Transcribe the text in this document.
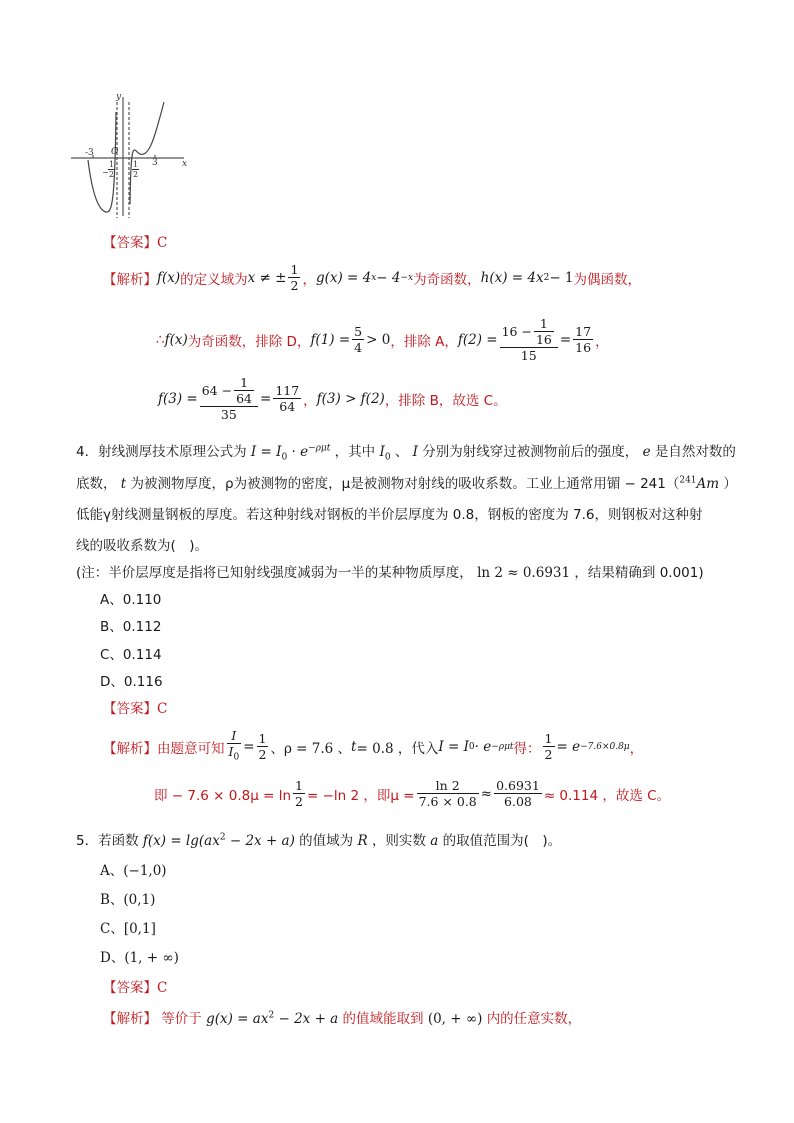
y
x
O
-3
3
−
1
2
1
2
【答案】C
【解析】 f(x) 的定义域为 x ≠ ± $\frac{1}{2}$ ， g(x) = 4 x − 4 −x 为奇函数， h(x) = 4x 2 − 1 为偶函数，
∴ f(x) 为奇函数，排除 D， $f(1) = \frac{5}{4} > 0$ ，排除 A， $f(2) = \frac{16 - \frac{1}{16}}{15} = \frac{17}{16}$ ，
$f(3) = \frac{64 - \frac{1}{64}}{35} = \frac{117}{64}$ ， f(3) > f(2) ，排除 B，故选 C。
4．射线测厚技术原理公式为 $I = I_0 \cdot e^{-\rho\mu t}$ ，其中 $I_0$ 、 I 分别为射线穿过被测物前后的强度， e 是自然对数的
底数， t 为被测物厚度，ρ为被测物的密度，μ是被测物对射线的吸收系数。工业上通常用镅 − 241（$^{241}$Am ）
低能γ射线测量钢板的厚度。若这种射线对钢板的半价层厚度为 0.8，钢板的密度为 7.6，则钢板对这种射
线的吸收系数为(　)。
(注：半价层厚度是指将已知射线强度减弱为一半的某种物质厚度， ln 2 ≈ 0.6931 ，结果精确到 0.001)
A、0.110
B、0.112
C、0.114
D、0.116
【答案】C
【解析】 由题意可知 $\frac{I}{I_0} = \frac{1}{2}$ 、ρ = 7.6 、 t = 0.8 ，代入 I = I 0 · e −ρμt 得： $\frac{1}{2} = e -7.6\times 0.8\mu$ ，
即 − $7.6 \times 0.8\mu = \ln \frac{1}{2} = -\ln$ 2 ，即$\mu = \frac{\ln 2}{7.6 \times 0.8} \approx \frac{0.6931}{6.08} \approx 0.114$ ，故选 C。
5．若函数 $f(x) = \lg(ax^2 - 2x + a)$ 的值域为 R ，则实数 a 的取值范围为(　)。
A、(−1,0)
B、(0,1)
C、[0,1]
D、(1, + ∞)
【答案】C
【解析】 等价于 $g(x) = ax^2 - 2x + a$ 的值域能取到 (0, + ∞) 内的任意实数，
